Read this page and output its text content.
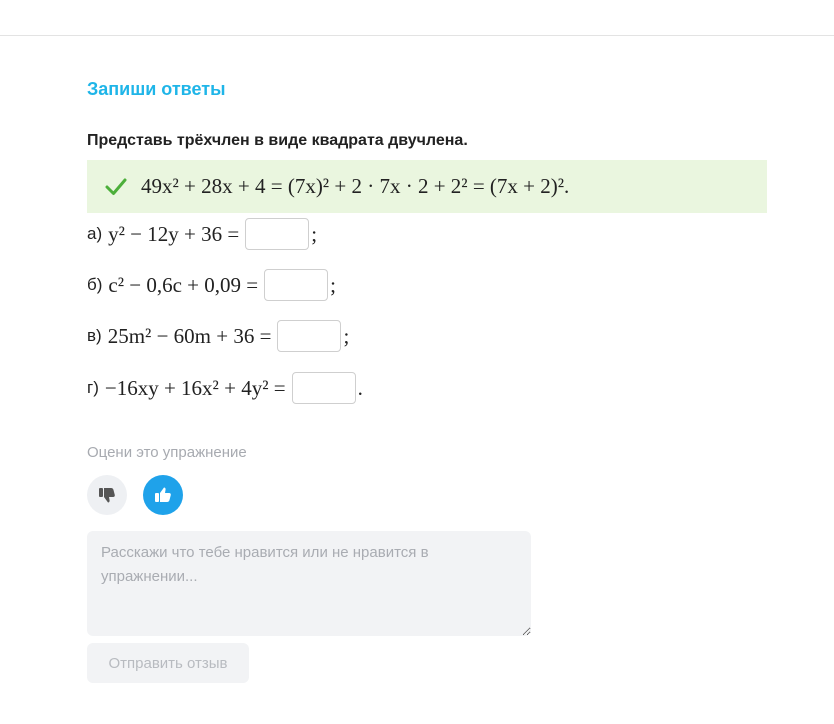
Запиши ответы
Представь трёхчлен в виде квадрата двучлена.
49x² + 28x + 4 = (7x)² + 2 · 7x · 2 + 2² = (7x + 2)².
а) y² − 12y + 36 =	;
б) c² − 0,6c + 0,09 =	;
в) 25m² − 60m + 36 =	;
г) −16xy + 16x² + 4y² =	.
Оцени это упражнение
Расскажи что тебе нравится или не нравится в упражнении...
Отправить отзыв
